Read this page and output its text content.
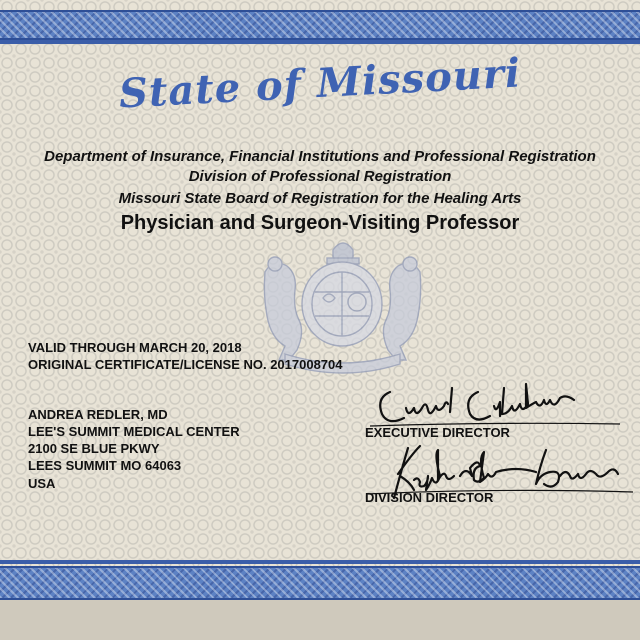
State of Missouri
Department of Insurance, Financial Institutions and Professional Registration
Division of Professional Registration
Missouri State Board of Registration for the Healing Arts
Physician and Surgeon-Visiting Professor
VALID THROUGH MARCH 20, 2018
ORIGINAL CERTIFICATE/LICENSE NO. 2017008704
ANDREA REDLER, MD
LEE'S SUMMIT MEDICAL CENTER
2100 SE BLUE PKWY
LEES SUMMIT MO 64063
USA
EXECUTIVE DIRECTOR
DIVISION DIRECTOR
